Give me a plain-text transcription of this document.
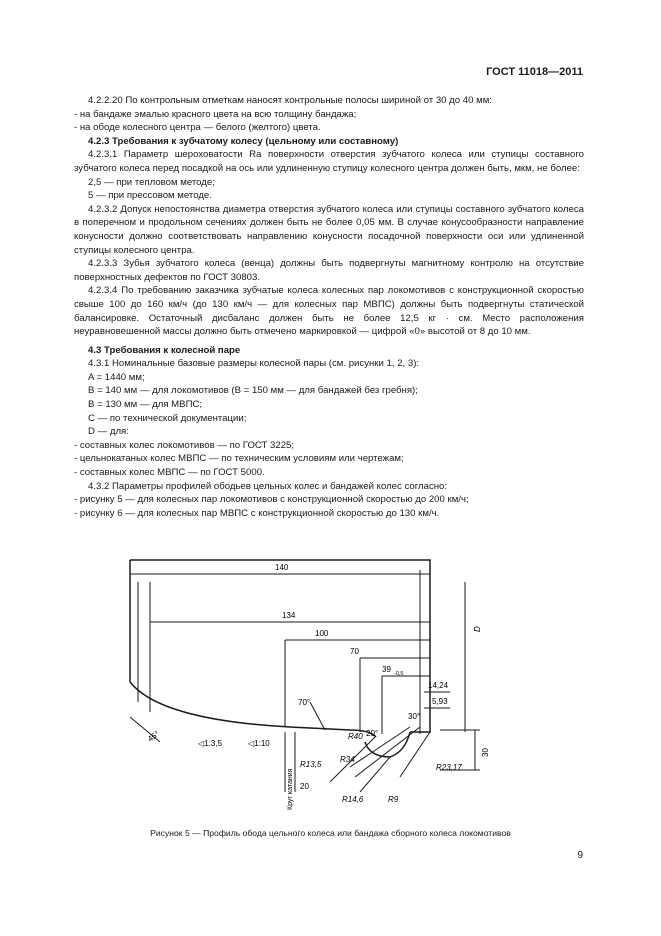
ГОСТ 11018—2011

4.2.2.20 По контрольным отметкам наносят контрольные полосы шириной от 30 до 40 мм:

- на бандаже эмалью красного цвета на всю толщину бандажа;

- на ободе колесного центра — белого (желтого) цвета.

4.2.3 Требования к зубчатому колесу (цельному или составному)

4.2.3.1 Параметр шероховатости Ra поверхности отверстия зубчатого колеса или ступицы составного зубчатого колеса перед посадкой на ось или удлиненную ступицу колесного центра должен быть, мкм, не более:

2,5 — при тепловом методе;

5 — при прессовом методе.

4.2.3.2 Допуск непостоянства диаметра отверстия зубчатого колеса или ступицы составного зубчатого колеса в поперечном и продольном сечениях должен быть не более 0,05 мм. В случае конусообразности направление конусности должно соответствовать направлению конусности посадочной поверхности оси или удлиненной ступицы колесного центра.

4.2.3.3 Зубья зубчатого колеса (венца) должны быть подвергнуты магнитному контролю на отсутствие поверхностных дефектов по ГОСТ 30803.

4.2.3.4 По требованию заказчика зубчатые колеса колесных пар локомотивов с конструкционной скоростью свыше 100 до 160 км/ч (до 130 км/ч — для колесных пар МВПС) должны быть подвергнуты статической балансировке. Остаточный дисбаланс должен быть не более 12,5 кг · см. Место расположения неуравновешенной массы должно быть отмечено маркировкой — цифрой «0» высотой от 8 до 10 мм.

4.3 Требования к колесной паре

4.3.1 Номинальные базовые размеры колесной пары (см. рисунки 1, 2, 3):

A = 1440 мм;

B = 140 мм — для локомотивов (B = 150 мм — для бандажей без гребня);

B = 130 мм — для МВПС;

C — по технической документации;

D — для:

- составных колес локомотивов — по ГОСТ 3225;

- цельнокатаных колес МВПС — по техническим условиям или чертежам;

- составных колес МВПС — по ГОСТ 5000.

4.3.2 Параметры профилей ободьев цельных колес и бандажей колес согласно:

- рисунку 5 — для колесных пар локомотивов с конструкционной скоростью до 200 км/ч;

- рисунку 6 — для колесных пар МВПС с конструкционной скоростью до 130 км/ч.

140
134
100
70
39 -0,5
14,24
5,93
D
30
20
70°
45°	20°
30°
◁1:3,5	◁1:10
R13,5
R40
R34
R23,17
R14,6	R9
Круг катания
Рисунок 5 — Профиль обода цельного колеса или бандажа сборного колеса локомотивов
9
